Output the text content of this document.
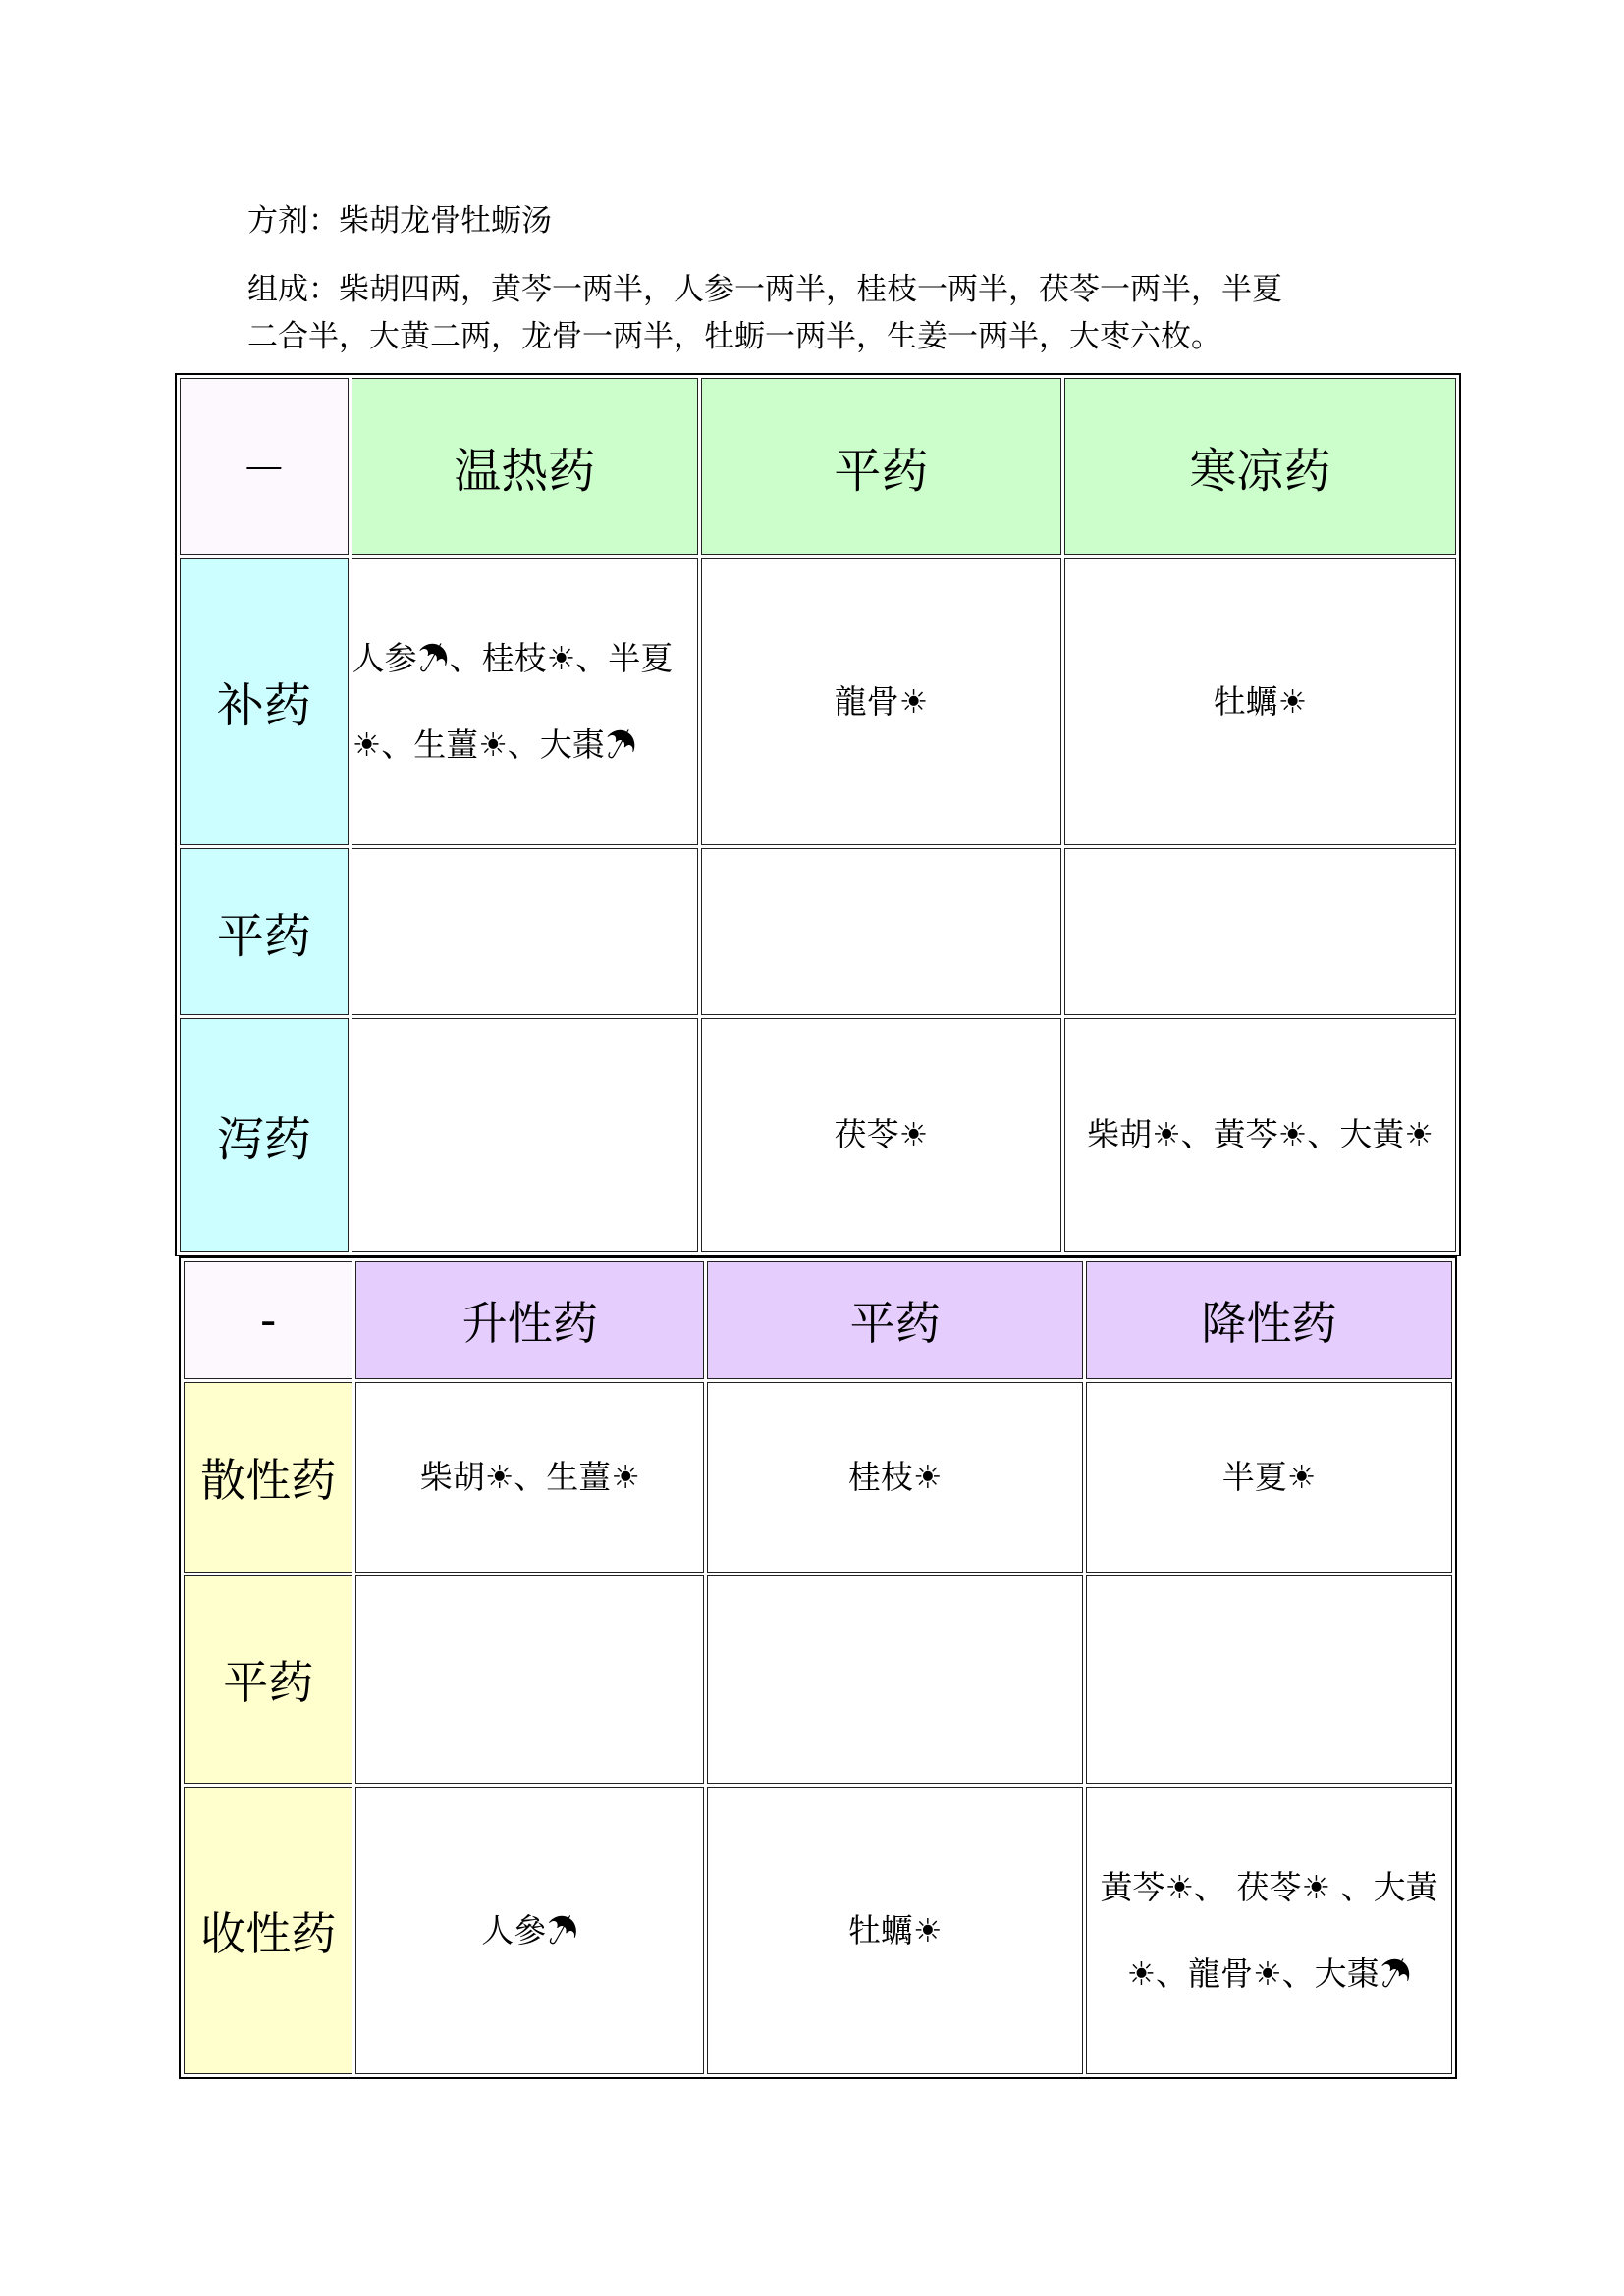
方剂：柴胡龙骨牡蛎汤
组成：柴胡四两，黄芩一两半，人参一两半，桂枝一两半，茯苓一两半，半夏
二合半，大黄二两，龙骨一两半，牡蛎一两半，生姜一两半，大枣六枚。
－	温热药	平药	寒凉药
补药	人参☂、桂枝☀、半夏☀、生薑☀、大棗☂	龍骨☀	牡蠣☀
平药			
泻药		茯苓☀	柴胡☀、黃芩☀、大黃☀
-	升性药	平药	降性药
散性药	柴胡☀、生薑☀	桂枝☀	半夏☀
平药			
收性药	人參☂	牡蠣☀	黃芩☀、 茯苓☀ 、大黃☀、龍骨☀、大棗☂
